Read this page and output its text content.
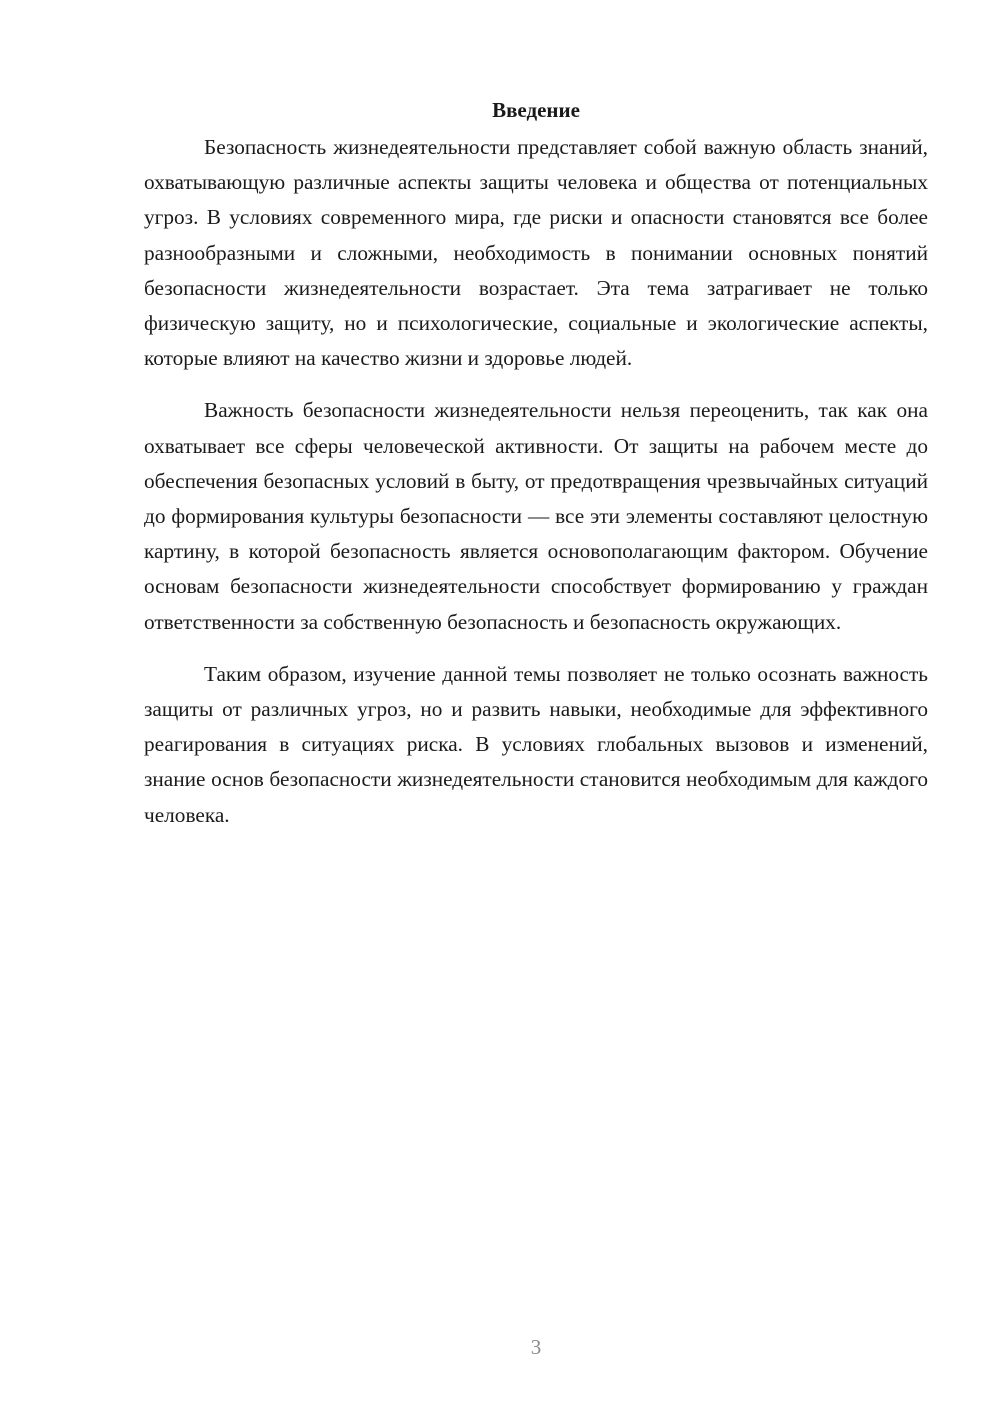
Введение

Безопасность жизнедеятельности представляет собой важную область знаний, охватывающую различные аспекты защиты человека и общества от потенциальных угроз. В условиях современного мира, где риски и опасности становятся все более разнообразными и сложными, необходимость в понимании основных понятий безопасности жизнедеятельности возрастает. Эта тема затрагивает не только физическую защиту, но и психологические, социальные и экологические аспекты, которые влияют на качество жизни и здоровье людей.

Важность безопасности жизнедеятельности нельзя переоценить, так как она охватывает все сферы человеческой активности. От защиты на рабочем месте до обеспечения безопасных условий в быту, от предотвращения чрезвычайных ситуаций до формирования культуры безопасности — все эти элементы составляют целостную картину, в которой безопасность является основополагающим фактором. Обучение основам безопасности жизнедеятельности способствует формированию у граждан ответственности за собственную безопасность и безопасность окружающих.

Таким образом, изучение данной темы позволяет не только осознать важность защиты от различных угроз, но и развить навыки, необходимые для эффективного реагирования в ситуациях риска. В условиях глобальных вызовов и изменений, знание основ безопасности жизнедеятельности становится необходимым для каждого человека.

3
